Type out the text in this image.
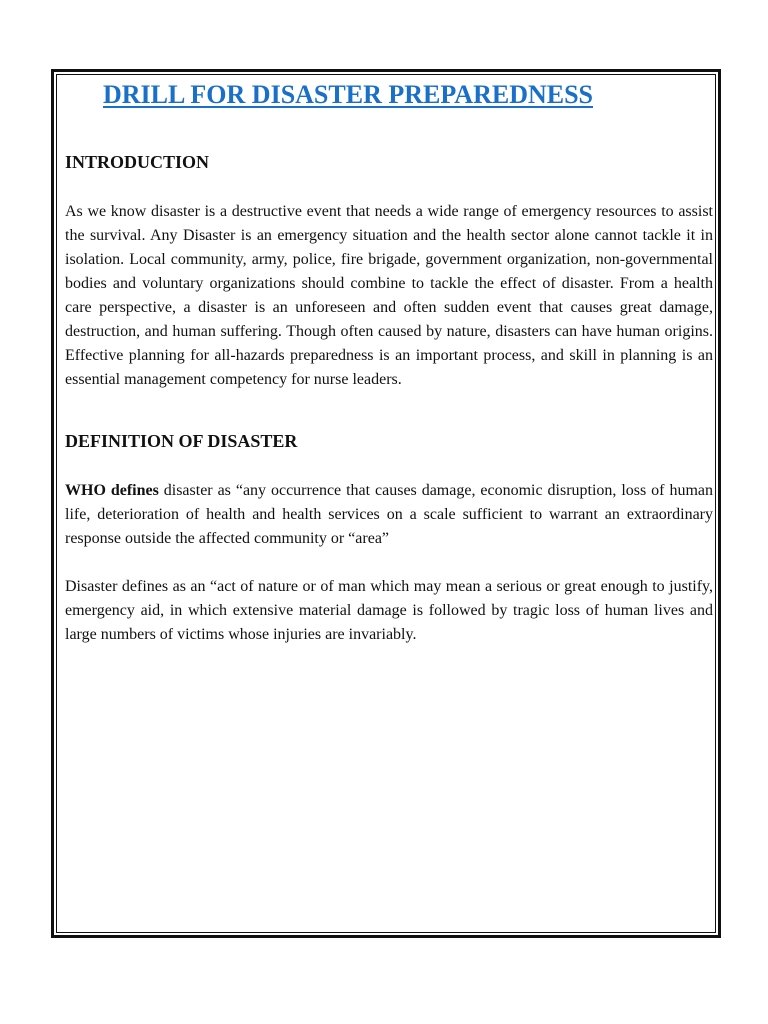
DRILL FOR DISASTER PREPAREDNESS
INTRODUCTION

As we know disaster is a destructive event that needs a wide range of emergency resources to assist the survival. Any Disaster is an emergency situation and the health sector alone cannot tackle it in isolation. Local community, army, police, fire brigade, government organization, non-governmental bodies and voluntary organizations should combine to tackle the effect of disaster. From a health care perspective, a disaster is an unforeseen and often sudden event that causes great damage, destruction, and human suffering. Though often caused by nature, disasters can have human origins. Effective planning for all-hazards preparedness is an important process, and skill in planning is an essential management competency for nurse leaders.

DEFINITION OF DISASTER

WHO defines disaster as “any occurrence that causes damage, economic disruption, loss of human life, deterioration of health and health services on a scale sufficient to warrant an extraordinary response outside the affected community or “area”

Disaster defines as an “act of nature or of man which may mean a serious or great enough to justify, emergency aid, in which extensive material damage is followed by tragic loss of human lives and large numbers of victims whose injuries are invariably.
